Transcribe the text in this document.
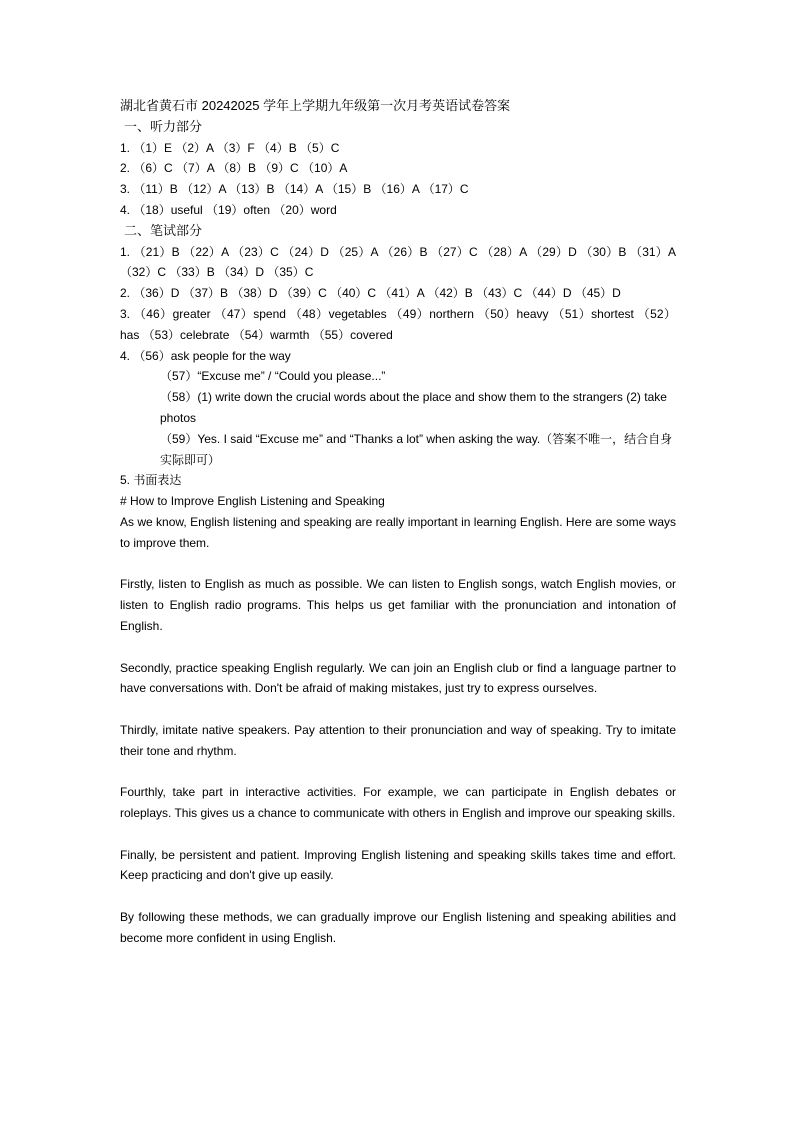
湖北省黄石市 20242025 学年上学期九年级第一次月考英语试卷答案
一、听力部分
1. （1）E （2）A （3）F （4）B （5）C
2. （6）C （7）A （8）B （9）C （10）A
3. （11）B （12）A （13）B （14）A （15）B （16）A （17）C
4. （18）useful （19）often （20）word
二、笔试部分
1. （21）B （22）A （23）C （24）D （25）A （26）B （27）C （28）A （29）D （30）B （31）A （32）C （33）B （34）D （35）C
2. （36）D （37）B （38）D （39）C （40）C （41）A （42）B （43）C （44）D （45）D
3. （46）greater （47）spend （48）vegetables （49）northern （50）heavy （51）shortest （52）has （53）celebrate （54）warmth （55）covered
4. （56）ask people for the way
（57）“Excuse me” / “Could you please...”
（58）(1) write down the crucial words about the place and show them to the strangers (2) take photos
（59）Yes. I said “Excuse me” and “Thanks a lot” when asking the way.（答案不唯一，结合自身实际即可）
5. 书面表达
# How to Improve English Listening and Speaking
As we know, English listening and speaking are really important in learning English. Here are some ways to improve them.
Firstly, listen to English as much as possible. We can listen to English songs, watch English movies, or listen to English radio programs. This helps us get familiar with the pronunciation and intonation of English.
Secondly, practice speaking English regularly. We can join an English club or find a language partner to have conversations with. Don't be afraid of making mistakes, just try to express ourselves.
Thirdly, imitate native speakers. Pay attention to their pronunciation and way of speaking. Try to imitate their tone and rhythm.
Fourthly, take part in interactive activities. For example, we can participate in English debates or roleplays. This gives us a chance to communicate with others in English and improve our speaking skills.
Finally, be persistent and patient. Improving English listening and speaking skills takes time and effort. Keep practicing and don't give up easily.
By following these methods, we can gradually improve our English listening and speaking abilities and become more confident in using English.
